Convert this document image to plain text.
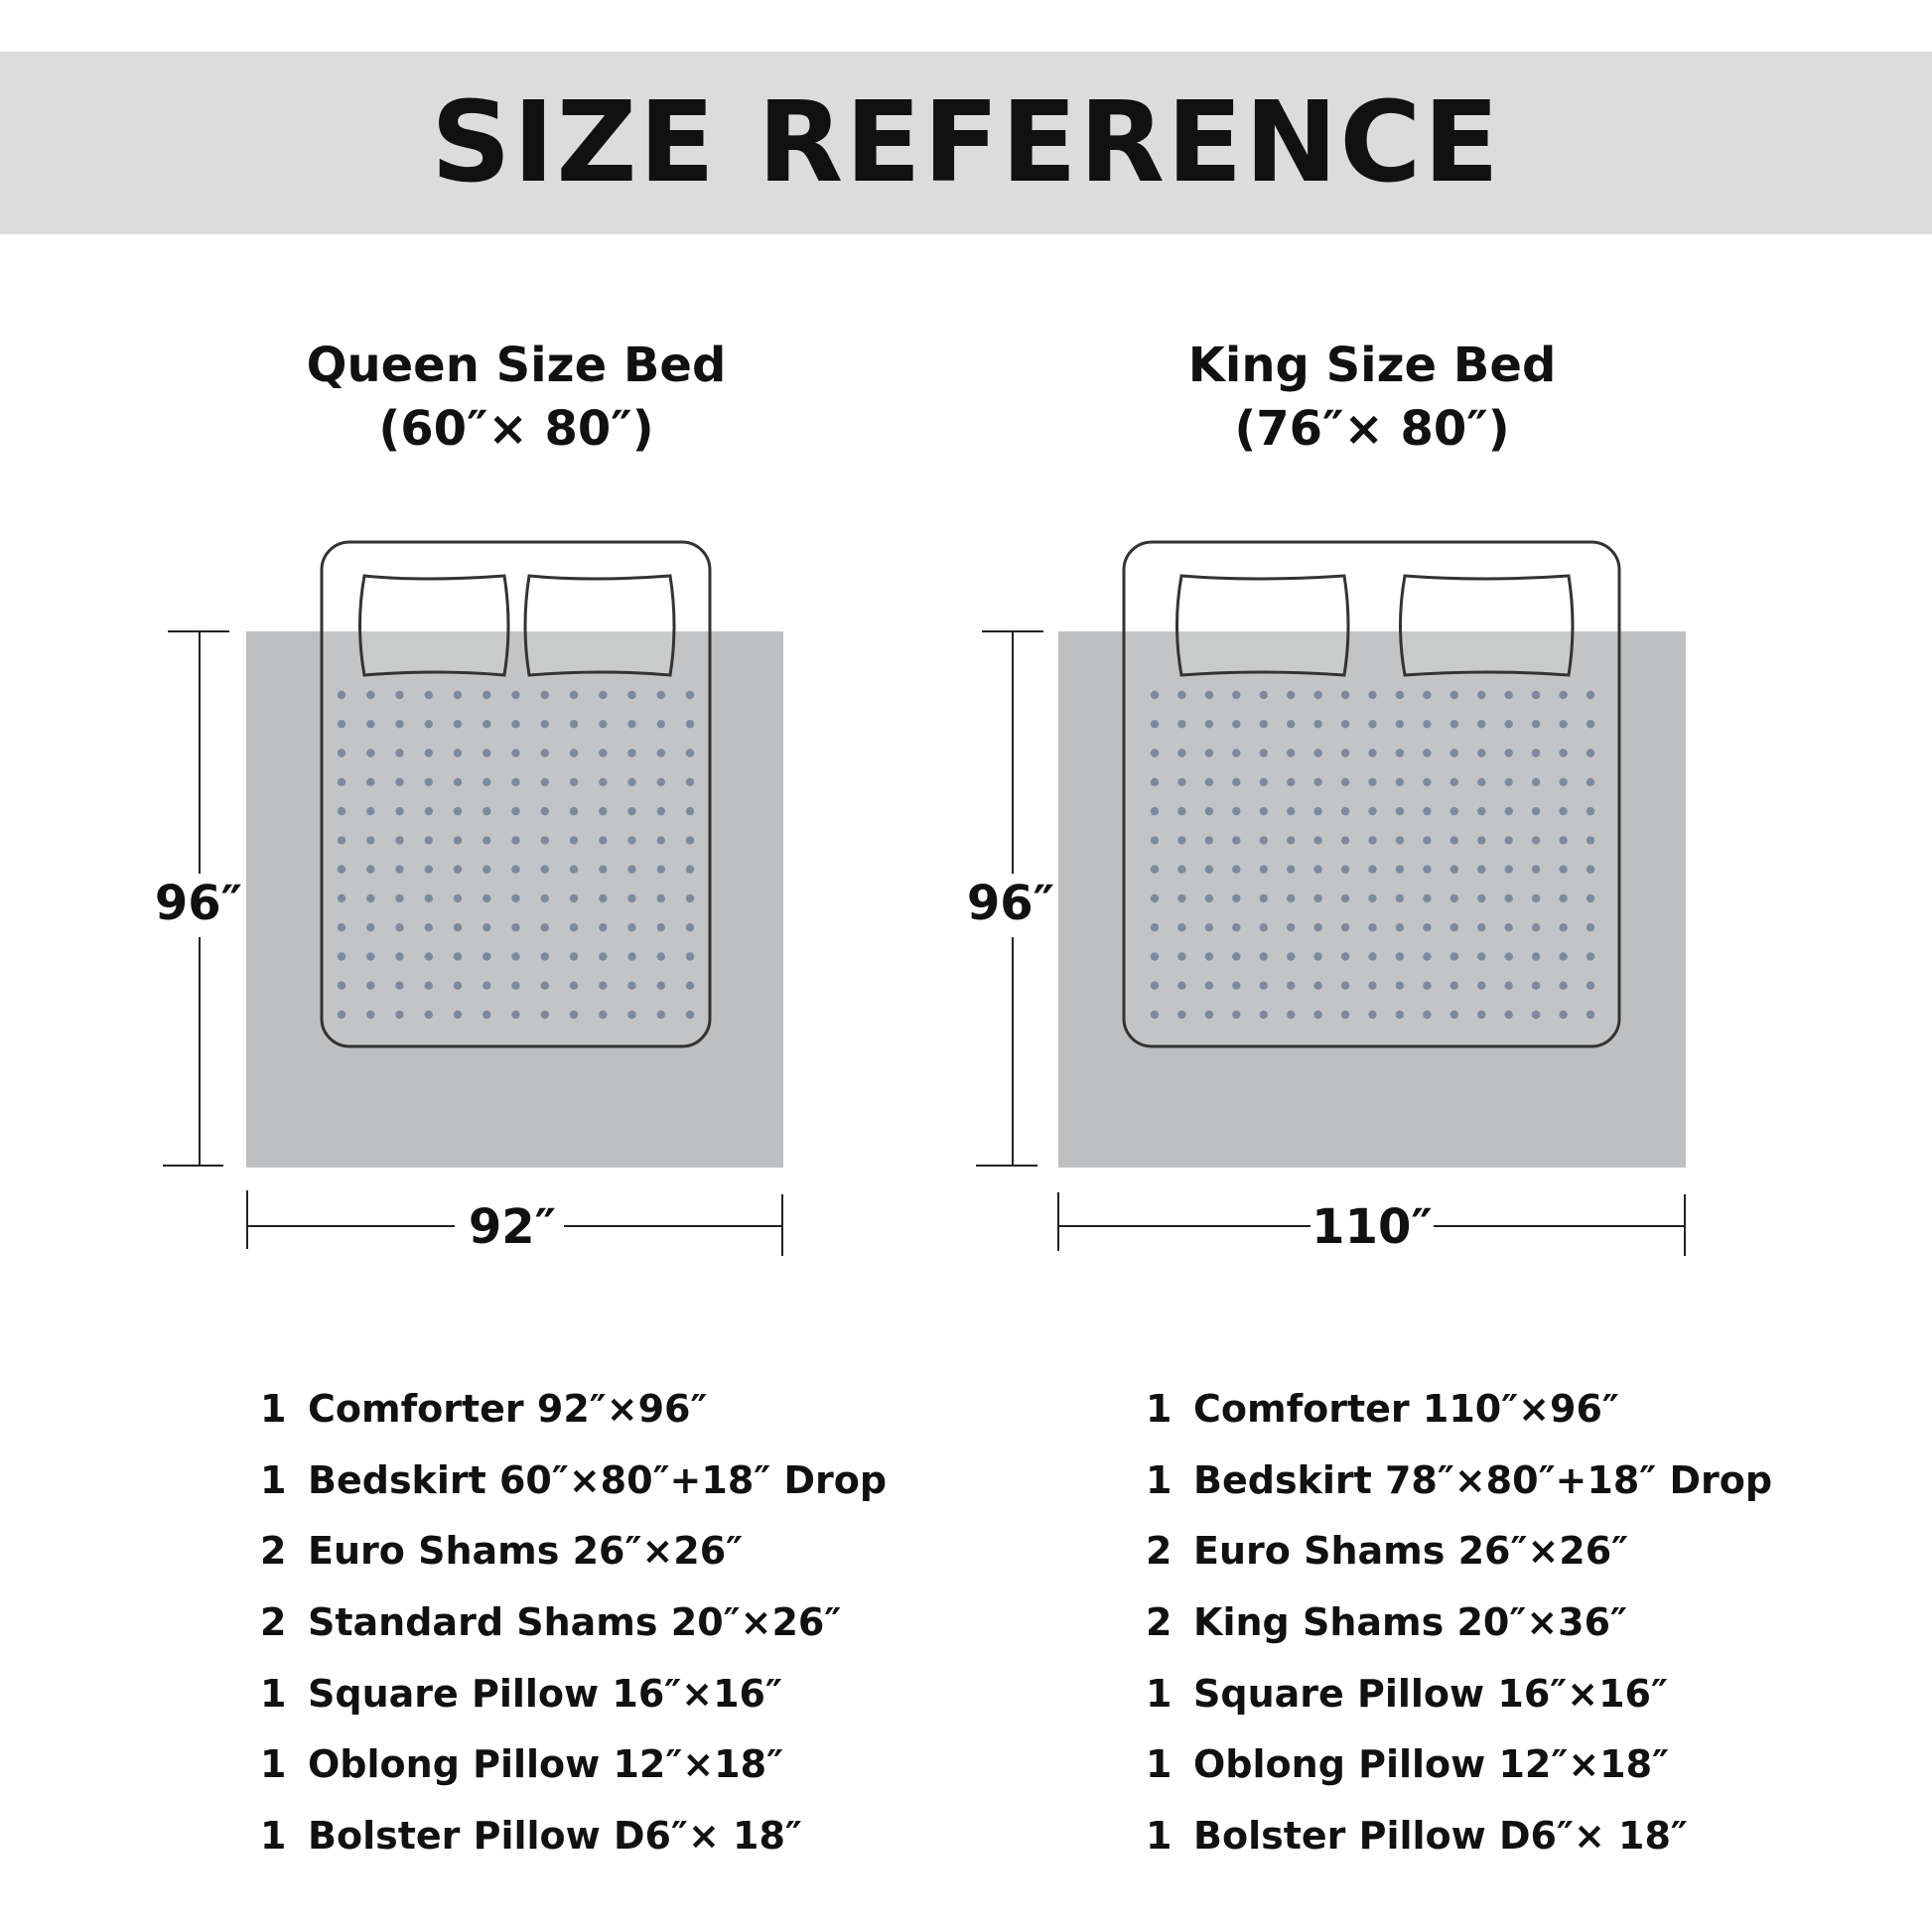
SIZE REFERENCE
Queen Size Bed
(60″× 80″)
King Size Bed
(76″× 80″)
96″
92″
96″
110″
1 Comforter 92″×96″
1 Bedskirt 60″×80″+18″ Drop
2 Euro Shams 26″×26″
2 Standard Shams 20″×26″
1 Square Pillow 16″×16″
1 Oblong Pillow 12″×18″
1 Bolster Pillow D6″× 18″
1 Comforter 110″×96″
1 Bedskirt 78″×80″+18″ Drop
2 Euro Shams 26″×26″
2 King Shams 20″×36″
1 Square Pillow 16″×16″
1 Oblong Pillow 12″×18″
1 Bolster Pillow D6″× 18″
